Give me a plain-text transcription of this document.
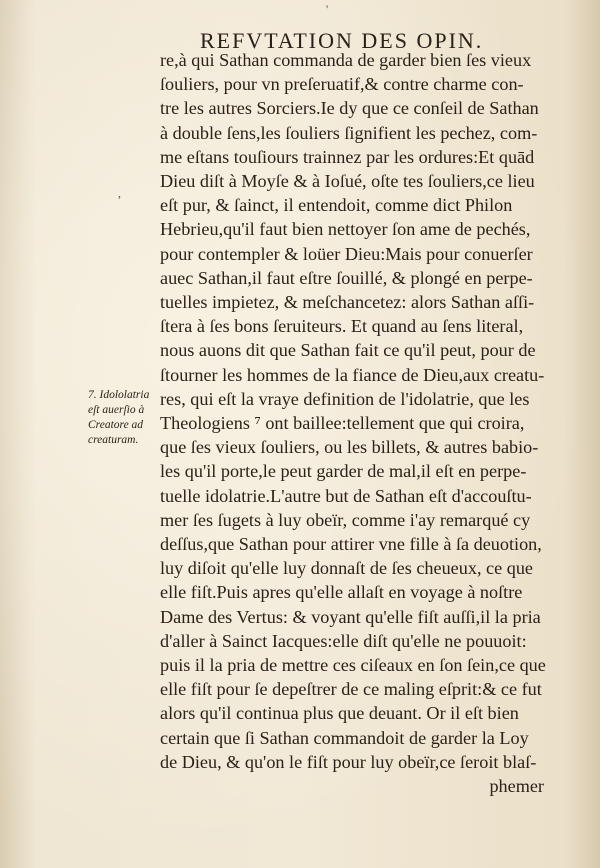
'
,
REFVTATION DES OPIN.
re,à qui Sathan commanda de garder bien ſes vieux
ſouliers, pour vn preſeruatif,& contre charme con-
tre les autres Sorciers.Ie dy que ce conſeil de Sathan
à double ſens,les ſouliers ſignifient les pechez, com-
me eſtans touſiours trainnez par les ordures:Et quād
Dieu diſt à Moyſe & à Ioſué, oſte tes ſouliers,ce lieu
eſt pur, & ſainct, il entendoit, comme dict Philon
Hebrieu,qu'il faut bien nettoyer ſon ame de pechés,
pour contempler & loüer Dieu:Mais pour conuerſer
auec Sathan,il faut eſtre ſouillé, & plongé en perpe-
tuelles impietez, & meſchancetez: alors Sathan aſſi-
ſtera à ſes bons ſeruiteurs. Et quand au ſens literal,
nous auons dit que Sathan fait ce qu'il peut, pour de
ſtourner les hommes de la fiance de Dieu,aux creatu-
res, qui eſt la vraye definition de l'idolatrie, que les
Theologiens ⁷ ont baillee:tellement que qui croira,
que ſes vieux ſouliers, ou les billets, & autres babio-
les qu'il porte,le peut garder de mal,il eſt en perpe-
tuelle idolatrie.L'autre but de Sathan eſt d'accouſtu-
mer ſes ſugets à luy obeïr, comme i'ay remarqué cy
deſſus,que Sathan pour attirer vne fille à ſa deuotion,
luy diſoit qu'elle luy donnaſt de ſes cheueux, ce que
elle fiſt.Puis apres qu'elle allaſt en voyage à noſtre
Dame des Vertus: & voyant qu'elle fiſt auſſi,il la pria
d'aller à Sainct Iacques:elle diſt qu'elle ne pouuoit:
puis il la pria de mettre ces ciſeaux en ſon ſein,ce que
elle fiſt pour ſe depeſtrer de ce maling eſprit:& ce fut
alors qu'il continua plus que deuant. Or il eſt bien
certain que ſi Sathan commandoit de garder la Loy
de Dieu, & qu'on le fiſt pour luy obeïr,ce ſeroit blaſ-
phemer
7. Idololatria
eſt auerſio à
Creatore ad
creaturam.
